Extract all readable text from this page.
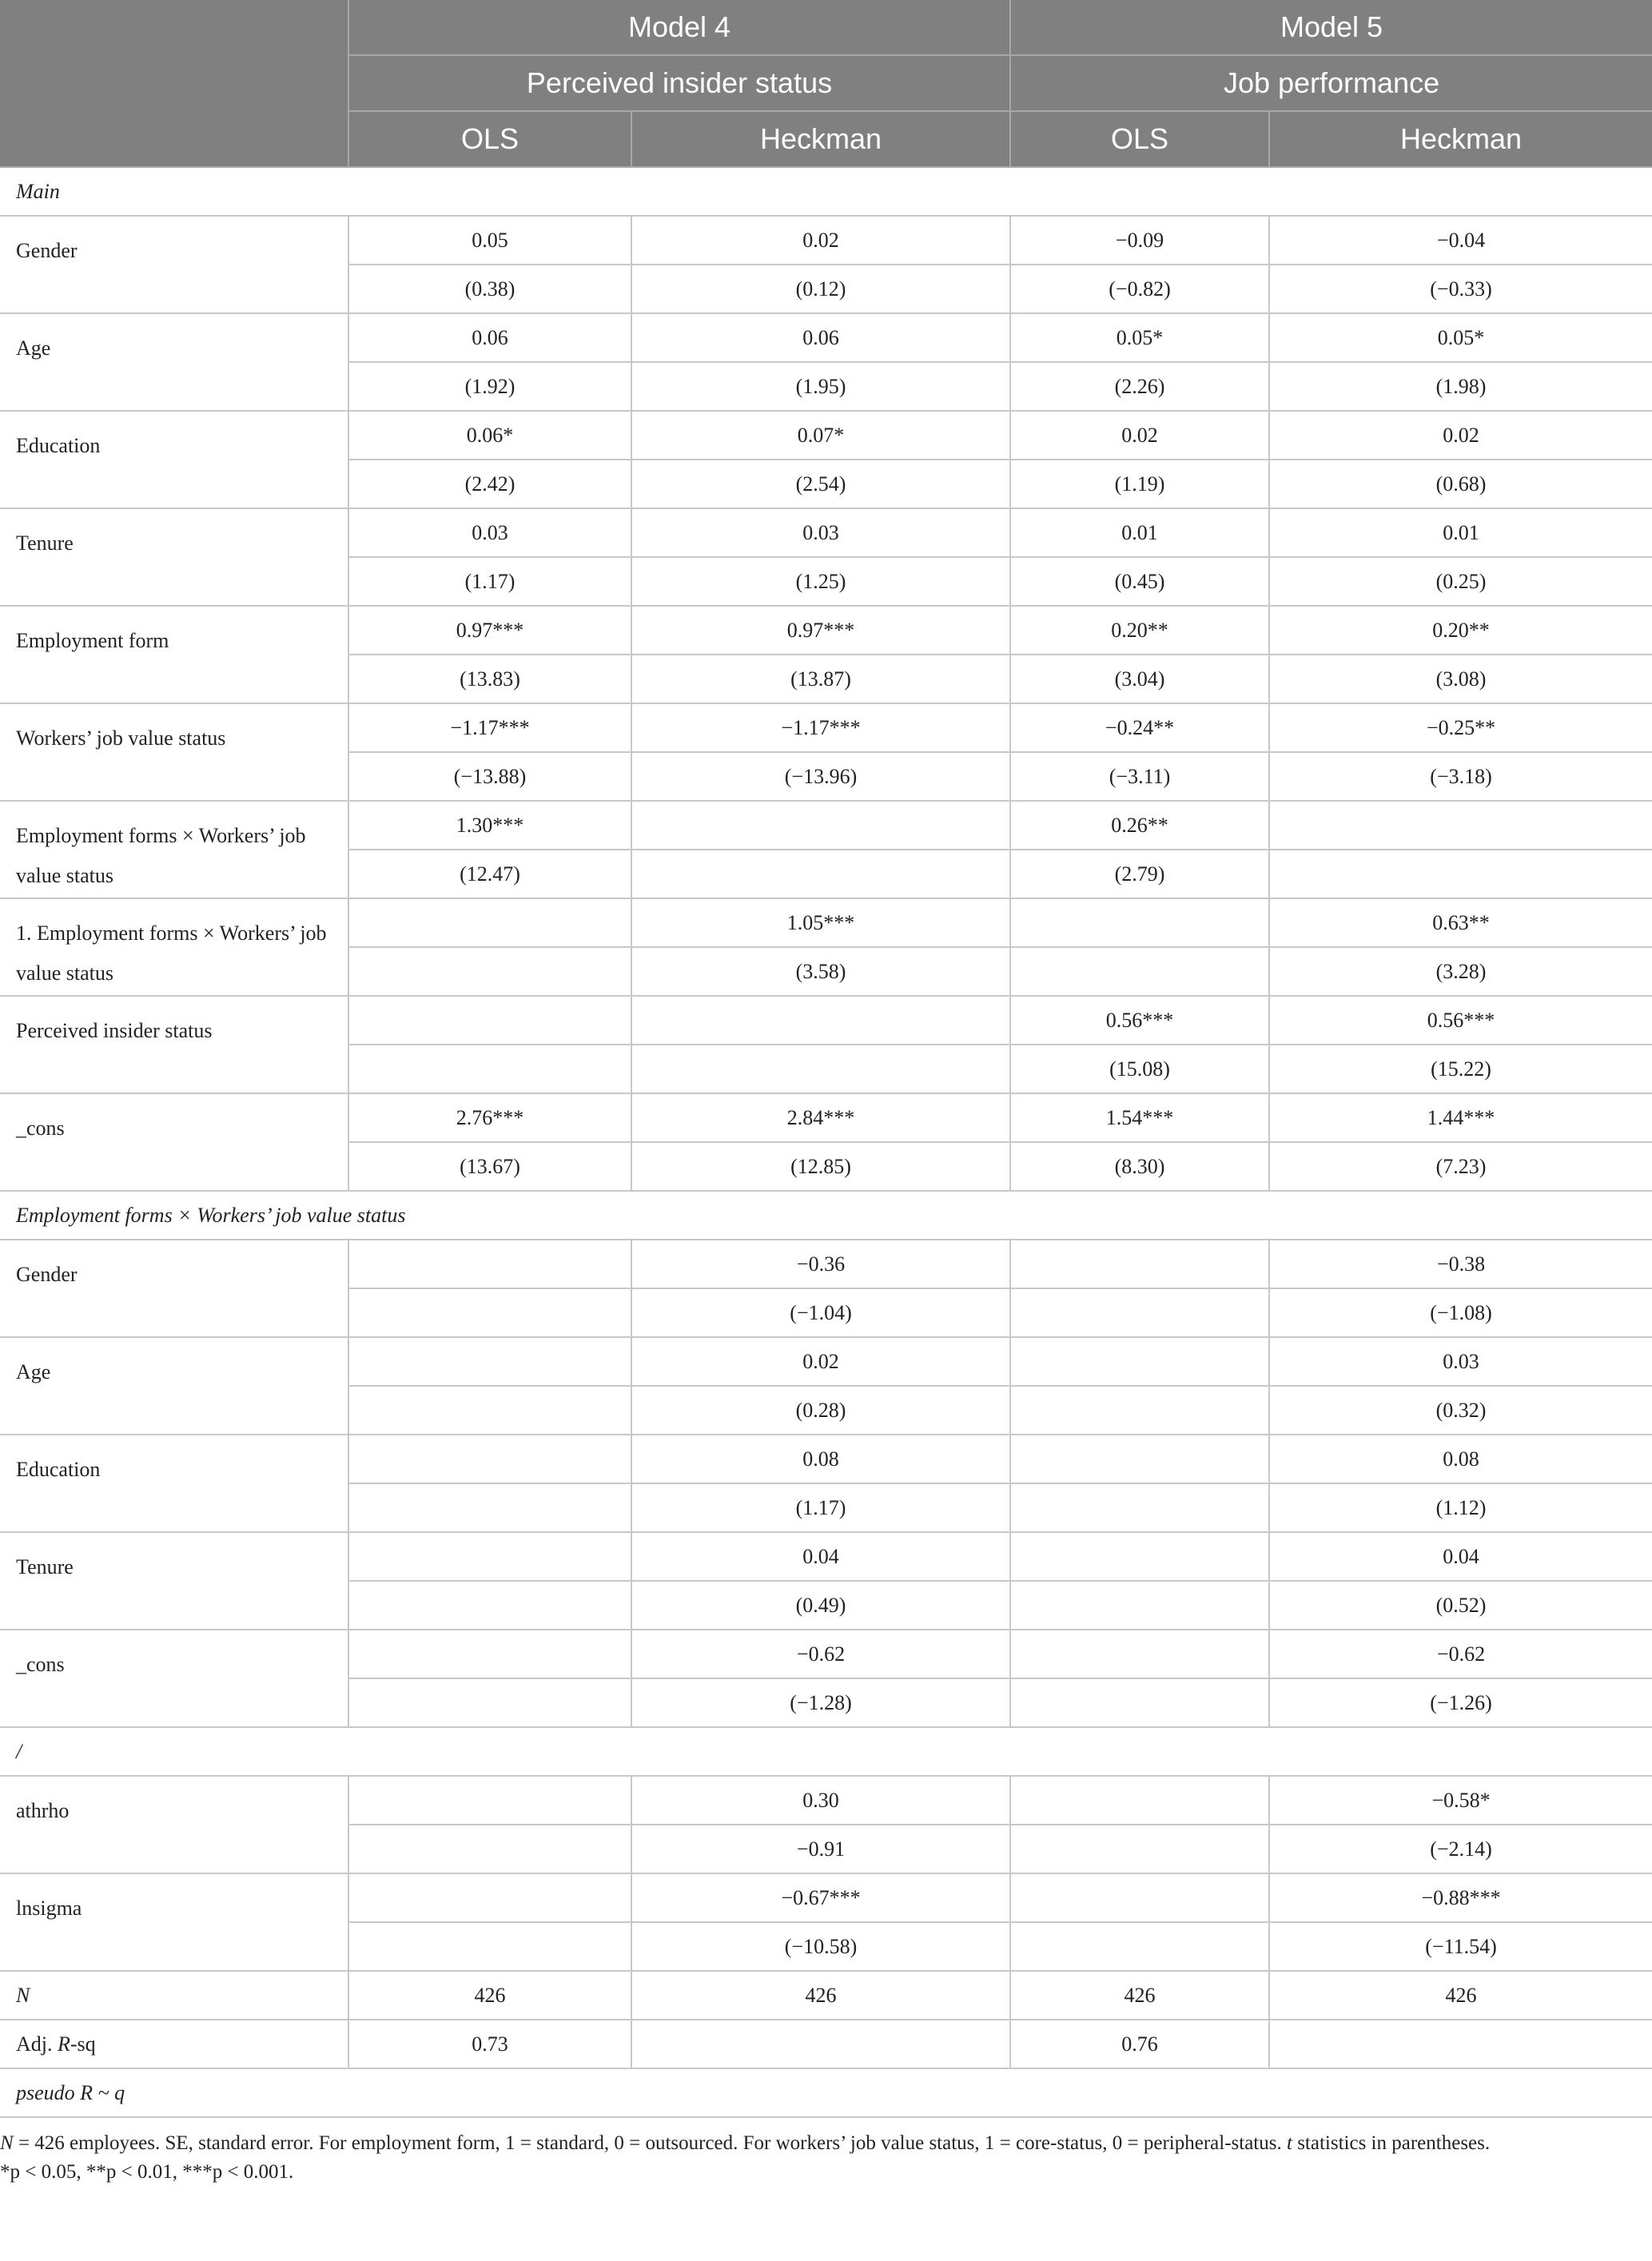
	Model 4		Model 5	
	Perceived insider status		Job performance	
	OLS	Heckman	OLS	Heckman
Main				
Gender	0.05	0.02	−0.09	−0.04
	(0.38)	(0.12)	(−0.82)	(−0.33)
Age	0.06	0.06	0.05*	0.05*
	(1.92)	(1.95)	(2.26)	(1.98)
Education	0.06*	0.07*	0.02	0.02
	(2.42)	(2.54)	(1.19)	(0.68)
Tenure	0.03	0.03	0.01	0.01
	(1.17)	(1.25)	(0.45)	(0.25)
Employment form	0.97***	0.97***	0.20**	0.20**
	(13.83)	(13.87)	(3.04)	(3.08)
Workers’ job value status	−1.17***	−1.17***	−0.24**	−0.25**
	(−13.88)	(−13.96)	(−3.11)	(−3.18)
Employment forms × Workers’ job value status	1.30***		0.26**	
	(12.47)		(2.79)	
1. Employment forms × Workers’ job value status		1.05***		0.63**
		(3.58)		(3.28)
Perceived insider status			0.56***	0.56***
			(15.08)	(15.22)
_cons	2.76***	2.84***	1.54***	1.44***
	(13.67)	(12.85)	(8.30)	(7.23)
Employment forms × Workers’ job value status				
Gender		−0.36		−0.38
		(−1.04)		(−1.08)
Age		0.02		0.03
		(0.28)		(0.32)
Education		0.08		0.08
		(1.17)		(1.12)
Tenure		0.04		0.04
		(0.49)		(0.52)
_cons		−0.62		−0.62
		(−1.28)		(−1.26)
/				
athrho		0.30		−0.58*
		−0.91		(−2.14)
lnsigma		−0.67***		−0.88***
		(−10.58)		(−11.54)
N	426	426	426	426
Adj. R-sq	0.73		0.76	
pseudo R ~ q				
N = 426 employees. SE, standard error. For employment form, 1 = standard, 0 = outsourced. For workers’ job value status, 1 = core-status, 0 = peripheral-status. t statistics in parentheses.
*p < 0.05, **p < 0.01, ***p < 0.001.
